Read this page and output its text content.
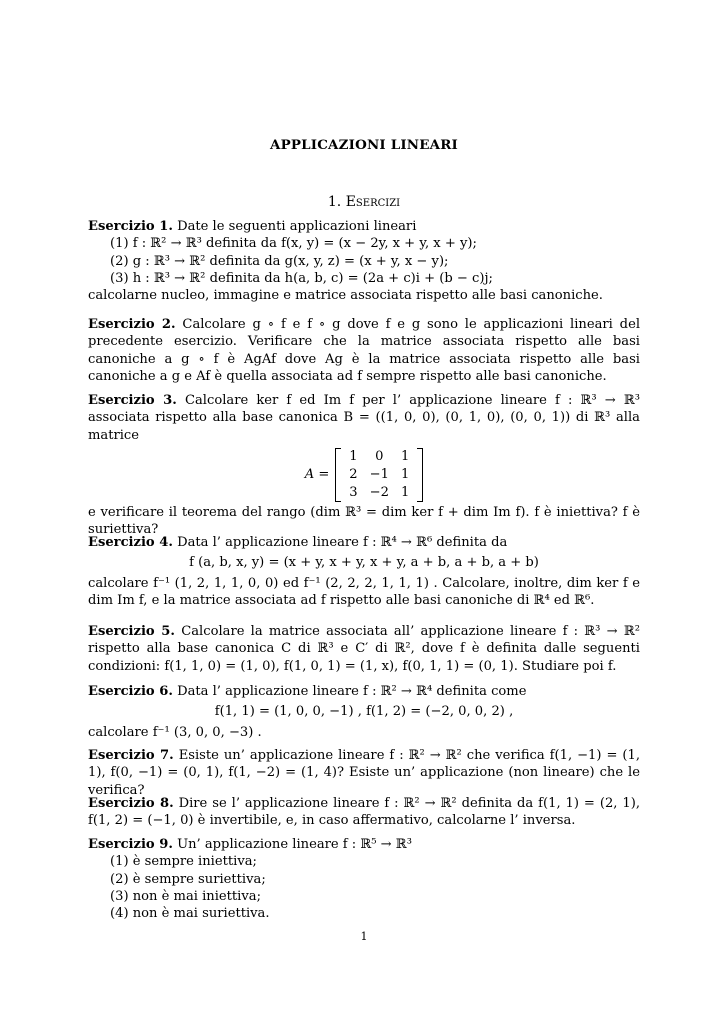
APPLICAZIONI LINEARI
1. Esercizi
Esercizio 1. Date le seguenti applicazioni lineari
(1) f : ℝ² → ℝ³ definita da f(x, y) = (x − 2y, x + y, x + y);
(2) g : ℝ³ → ℝ² definita da g(x, y, z) = (x + y, x − y);
(3) h : ℝ³ → ℝ² definita da h(a, b, c) = (2a + c)i + (b − c)j;
calcolarne nucleo, immagine e matrice associata rispetto alle basi canoniche.
Esercizio 2. Calcolare g ∘ f e f ∘ g dove f e g sono le applicazioni lineari del precedente esercizio. Verificare che la matrice associata rispetto alle basi canoniche a g ∘ f è AgAf dove Ag è la matrice associata rispetto alle basi canoniche a g e Af è quella associata ad f sempre rispetto alle basi canoniche.
Esercizio 3. Calcolare ker f ed Im f per l’ applicazione lineare f : ℝ³ → ℝ³ associata rispetto alla base canonica B = ((1, 0, 0), (0, 1, 0), (0, 0, 1)) di ℝ³ alla matrice
A =
1	0	1
2	−1	1
3	−2	1
e verificare il teorema del rango (dim ℝ³ = dim ker f + dim Im f). f è iniettiva? f è suriettiva?
Esercizio 4. Data l’ applicazione lineare f : ℝ⁴ → ℝ⁶ definita da
f (a, b, x, y) = (x + y, x + y, x + y, a + b, a + b, a + b)
calcolare f⁻¹ (1, 2, 1, 1, 0, 0) ed f⁻¹ (2, 2, 2, 1, 1, 1) . Calcolare, inoltre, dim ker f e dim Im f, e la matrice associata ad f rispetto alle basi canoniche di ℝ⁴ ed ℝ⁶.
Esercizio 5. Calcolare la matrice associata all’ applicazione lineare f : ℝ³ → ℝ² rispetto alla base canonica C di ℝ³ e C′ di ℝ², dove f è definita dalle seguenti condizioni: f(1, 1, 0) = (1, 0), f(1, 0, 1) = (1, x), f(0, 1, 1) = (0, 1). Studiare poi f.
Esercizio 6. Data l’ applicazione lineare f : ℝ² → ℝ⁴ definita come
f(1, 1) = (1, 0, 0, −1) , f(1, 2) = (−2, 0, 0, 2) ,
calcolare f⁻¹ (3, 0, 0, −3) .
Esercizio 7. Esiste un’ applicazione lineare f : ℝ² → ℝ² che verifica f(1, −1) = (1, 1), f(0, −1) = (0, 1), f(1, −2) = (1, 4)? Esiste un’ applicazione (non lineare) che le verifica?
Esercizio 8. Dire se l’ applicazione lineare f : ℝ² → ℝ² definita da f(1, 1) = (2, 1), f(1, 2) = (−1, 0) è invertibile, e, in caso affermativo, calcolarne l’ inversa.
Esercizio 9. Un’ applicazione lineare f : ℝ⁵ → ℝ³
(1) è sempre iniettiva;
(2) è sempre suriettiva;
(3) non è mai iniettiva;
(4) non è mai suriettiva.
1
